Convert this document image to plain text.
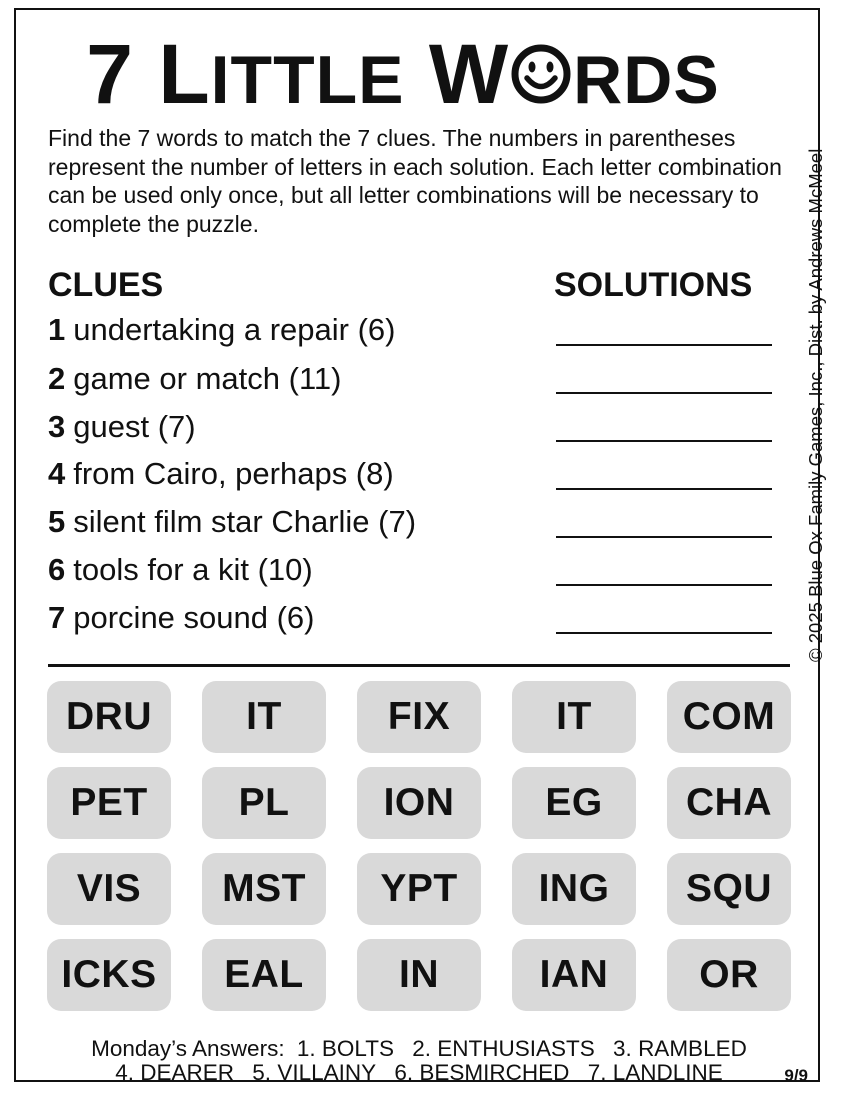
7 LITTLE W RDS
Find the 7 words to match the 7 clues. The numbers in parentheses represent the number of letters in each solution. Each letter combination can be used only once, but all letter combinations will be necessary to complete the puzzle.	© 2025 Blue Ox Family Games, Inc., Dist. by Andrews McMeel
CLUES	SOLUTIONS
1 undertaking a repair (6)
2 game or match (11)
3 guest (7)
4 from Cairo, perhaps (8)
5 silent film star Charlie (7)
6 tools for a kit (10)
7 porcine sound (6)
DRU	IT	FIX	IT	COM
PET	PL	ION	EG	CHA
VIS	MST	YPT	ING	SQU
ICKS	EAL	IN	IAN	OR
Monday’s Answers: 1. BOLTS 2. ENTHUSIASTS 3. RAMBLED
4. DEARER 5. VILLAINY 6. BESMIRCHED 7. LANDLINE	9/9
